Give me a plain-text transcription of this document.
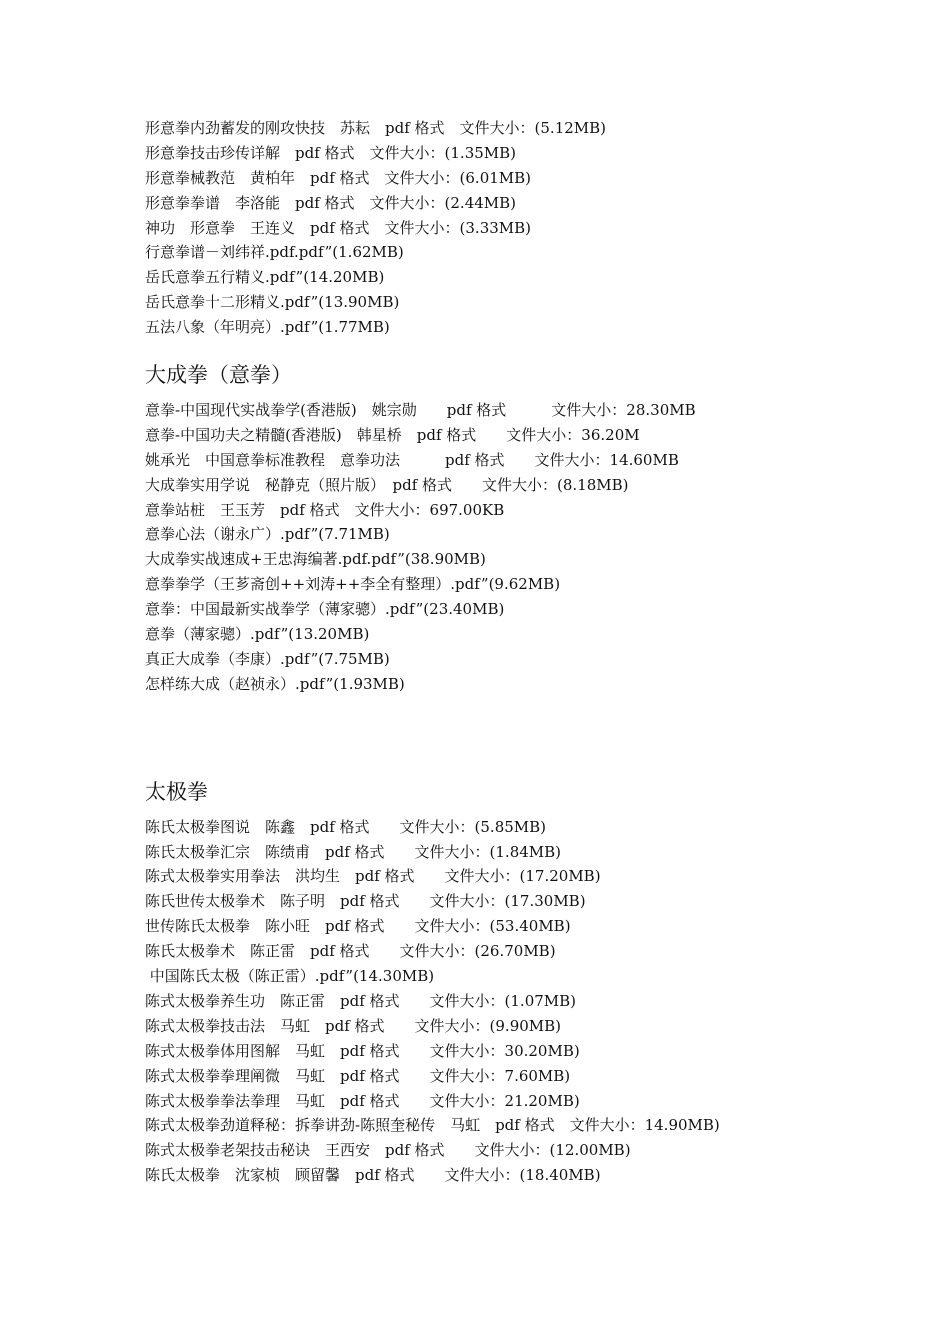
形意拳内劲蓄发的刚攻快技　苏耘　pdf 格式　文件大小：(5.12MB)
形意拳技击珍传详解　pdf 格式　文件大小：(1.35MB)
形意拳械教范　黄柏年　pdf 格式　文件大小：(6.01MB)
形意拳拳谱　李洛能　pdf 格式　文件大小：(2.44MB)
神功　形意拳　王连义　pdf 格式　文件大小：(3.33MB)
行意拳谱－刘纬祥.pdf.pdf”(1.62MB)
岳氏意拳五行精义.pdf”(14.20MB)
岳氏意拳十二形精义.pdf”(13.90MB)
五法八象（年明亮）.pdf”(1.77MB)
大成拳（意拳）
意拳-中国现代实战拳学(香港版)　姚宗勋　　pdf 格式　　　文件大小：28.30MB
意拳-中国功夫之精髓(香港版)　韩星桥　pdf 格式　　文件大小：36.20M
姚承光　中国意拳标准教程　意拳功法　　　pdf 格式　　文件大小：14.60MB
大成拳实用学说　秘静克（照片版）　pdf 格式　　文件大小：(8.18MB)
意拳站桩　王玉芳　pdf 格式　文件大小：697.00KB
意拳心法（谢永广）.pdf”(7.71MB)
大成拳实战速成+王忠海编著.pdf.pdf”(38.90MB)
意拳拳学（王芗斋创++刘涛++李全有整理）.pdf”(9.62MB)
意拳：中国最新实战拳学（薄家骢）.pdf”(23.40MB)
意拳（薄家骢）.pdf”(13.20MB)
真正大成拳（李康）.pdf”(7.75MB)
怎样练大成（赵祯永）.pdf”(1.93MB)
太极拳
陈氏太极拳图说　陈鑫　pdf 格式　　文件大小：(5.85MB)
陈氏太极拳汇宗　陈绩甫　pdf 格式　　文件大小：(1.84MB)
陈式太极拳实用拳法　洪均生　pdf 格式　　文件大小：(17.20MB)
陈氏世传太极拳术　陈子明　pdf 格式　　文件大小：(17.30MB)
世传陈氏太极拳　陈小旺　pdf 格式　　文件大小：(53.40MB)
陈氏太极拳术　陈正雷　pdf 格式　　文件大小：(26.70MB)
中国陈氏太极（陈正雷）.pdf”(14.30MB)
陈式太极拳养生功　陈正雷　pdf 格式　　文件大小：(1.07MB)
陈式太极拳技击法　马虹　pdf 格式　　文件大小：(9.90MB)
陈式太极拳体用图解　马虹　pdf 格式　　文件大小：30.20MB)
陈式太极拳拳理阐微　马虹　pdf 格式　　文件大小：7.60MB)
陈式太极拳拳法拳理　马虹　pdf 格式　　文件大小：21.20MB)
陈式太极拳劲道释秘：拆拳讲劲-陈照奎秘传　马虹　pdf 格式　文件大小：14.90MB)
陈式太极拳老架技击秘诀　王西安　pdf 格式　　文件大小：(12.00MB)
陈氏太极拳　沈家桢　顾留馨　pdf 格式　　文件大小：(18.40MB)
